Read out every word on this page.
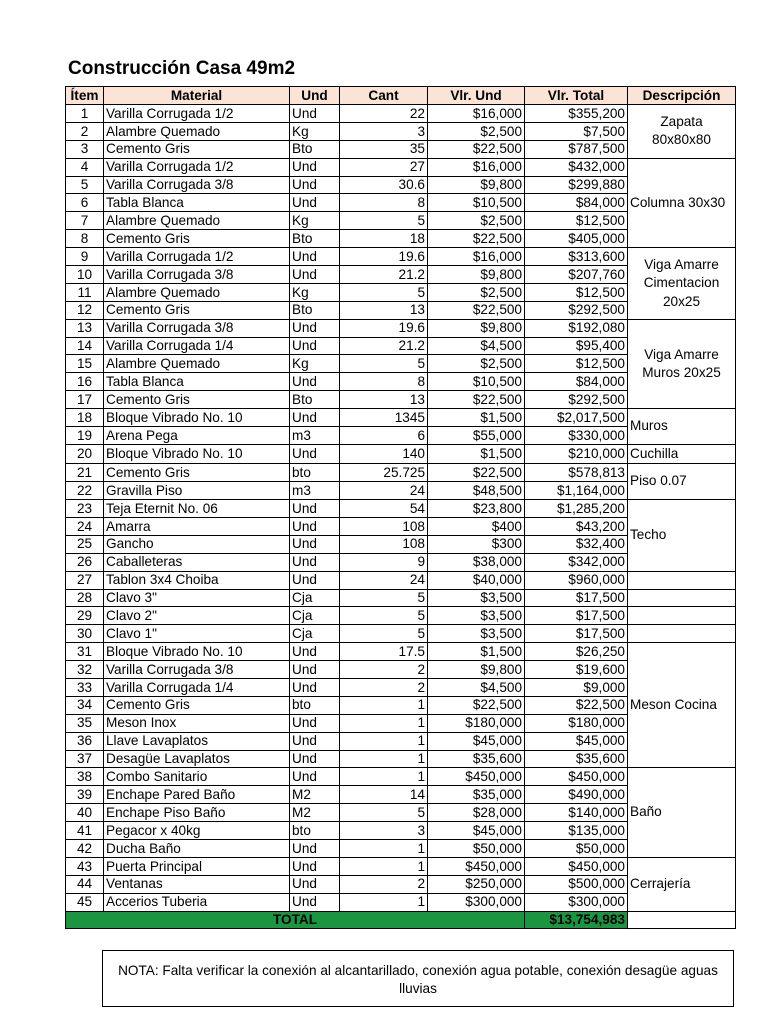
Construcción Casa 49m2
Ítem	Material	Und	Cant	Vlr. Und	Vlr. Total	Descripción
1	Varilla Corrugada 1/2	Und	22	$16,000	$355,200	Zapata 80x80x80
2	Alambre Quemado	Kg	3	$2,500	$7,500	
3	Cemento Gris	Bto	35	$22,500	$787,500	
4	Varilla Corrugada 1/2	Und	27	$16,000	$432,000	Columna 30x30
5	Varilla Corrugada 3/8	Und	30.6	$9,800	$299,880	
6	Tabla Blanca	Und	8	$10,500	$84,000	
7	Alambre Quemado	Kg	5	$2,500	$12,500	
8	Cemento Gris	Bto	18	$22,500	$405,000	
9	Varilla Corrugada 1/2	Und	19.6	$16,000	$313,600	Viga Amarre Cimentacion 20x25
10	Varilla Corrugada 3/8	Und	21.2	$9,800	$207,760	
11	Alambre Quemado	Kg	5	$2,500	$12,500	
12	Cemento Gris	Bto	13	$22,500	$292,500	
13	Varilla Corrugada 3/8	Und	19.6	$9,800	$192,080	Viga Amarre Muros 20x25
14	Varilla Corrugada 1/4	Und	21.2	$4,500	$95,400	
15	Alambre Quemado	Kg	5	$2,500	$12,500	
16	Tabla Blanca	Und	8	$10,500	$84,000	
17	Cemento Gris	Bto	13	$22,500	$292,500	
18	Bloque Vibrado No. 10	Und	1345	$1,500	$2,017,500	Muros
19	Arena Pega	m3	6	$55,000	$330,000	
20	Bloque Vibrado No. 10	Und	140	$1,500	$210,000	Cuchilla
21	Cemento Gris	bto	25.725	$22,500	$578,813	Piso 0.07
22	Gravilla Piso	m3	24	$48,500	$1,164,000	
23	Teja Eternit No. 06	Und	54	$23,800	$1,285,200	Techo
24	Amarra	Und	108	$400	$43,200	
25	Gancho	Und	108	$300	$32,400	
26	Caballeteras	Und	9	$38,000	$342,000	
27	Tablon 3x4 Choiba	Und	24	$40,000	$960,000	
28	Clavo 3"	Cja	5	$3,500	$17,500	
29	Clavo 2"	Cja	5	$3,500	$17,500	
30	Clavo 1"	Cja	5	$3,500	$17,500	
31	Bloque Vibrado No. 10	Und	17.5	$1,500	$26,250	Meson Cocina
32	Varilla Corrugada 3/8	Und	2	$9,800	$19,600	
33	Varilla Corrugada 1/4	Und	2	$4,500	$9,000	
34	Cemento Gris	bto	1	$22,500	$22,500	
35	Meson Inox	Und	1	$180,000	$180,000	
36	Llave Lavaplatos	Und	1	$45,000	$45,000	
37	Desagüe Lavaplatos	Und	1	$35,600	$35,600	
38	Combo Sanitario	Und	1	$450,000	$450,000	Baño
39	Enchape Pared Baño	M2	14	$35,000	$490,000	
40	Enchape Piso Baño	M2	5	$28,000	$140,000	
41	Pegacor x 40kg	bto	3	$45,000	$135,000	
42	Ducha Baño	Und	1	$50,000	$50,000	
43	Puerta Principal	Und	1	$450,000	$450,000	Cerrajería
44	Ventanas	Und	2	$250,000	$500,000	
45	Accerios Tuberia	Und	1	$300,000	$300,000	
TOTAL					$13,754,983	
NOTA: Falta verificar la conexión al alcantarillado, conexión agua potable, conexión desagüe aguas lluvias
